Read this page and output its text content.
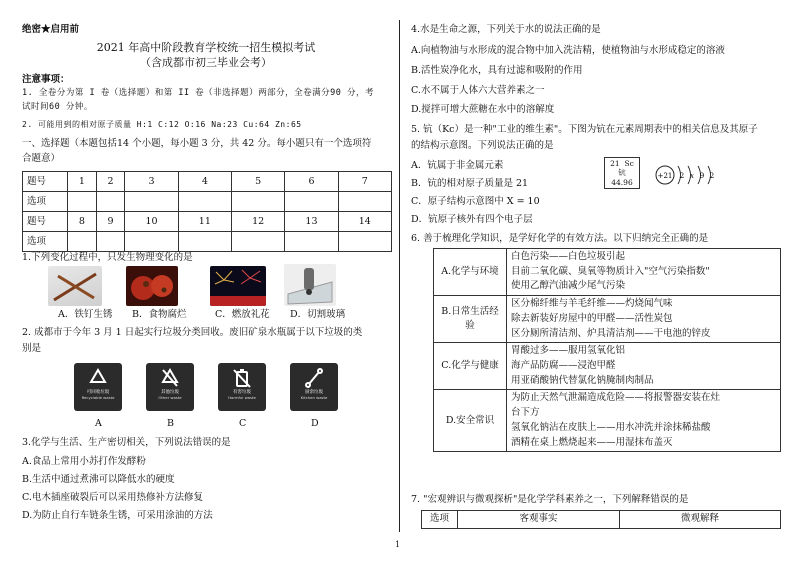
绝密★启用前
2021 年高中阶段教育学校统一招生模拟考试
（含成都市初三毕业会考）
注意事项：
1. 全卷分为第 I 卷（选择题）和第 II 卷（非选择题）两部分，全卷满分90 分，考
试时间60 分钟。
2. 可能用到的相对原子质量 H:1 C:12 O:16 Na:23 Cu:64 Zn:65
一、选择题（本题包括14 个小题，每小题 3 分，共 42 分。每小题只有一个选项符
合题意）
题号	1	2	3	4	5	6	7
选项							
题号	8	9	10	11	12	13	14
选项							
1.下列变化过程中，只发生物理变化的是
A．铁钉生锈 B．食物腐烂	C．燃放礼花 D．切割玻璃
2. 成都市于今年 3 月 1 日起实行垃圾分类回收。废旧矿泉水瓶属于以下垃圾的类
别是
可回收垃圾
Recyclable waste
其他垃圾
Other waste
有害垃圾
Harmful waste
厨余垃圾
Kitchen waste
A	B	C	D
3.化学与生活、生产密切相关，下列说法错误的是
A.食品上常用小苏打作发酵粉
B.生活中通过煮沸可以降低水的硬度
C.电木插座破裂后可以采用热修补方法修复
D.为防止自行车链条生锈，可采用涂油的方法
4.水是生命之源，下列关于水的说法正确的是
A.向植物油与水形成的混合物中加入洗洁精，使植物油与水形成稳定的溶液
B.活性炭净化水，具有过滤和吸附的作用
C.水不属于人体六大营养素之一
D.搅拌可增大蔗糖在水中的溶解度
5. 钪（Kc）是一种"工业的维生素"。下图为钪在元素周期表中的相关信息及其原子
的结构示意图。下列说法正确的是
A．钪属于非金属元素
B．钪的相对原子质量是 21
C．原子结构示意图中 X = 10
D．钪原子核外有四个电子层
21 Sc
钪
44.96
+21 2 x 9 2
6. 善于梳理化学知识，是学好化学的有效方法。以下归纳完全正确的是
A.化学与环境	白色污染——白色垃圾引起
目前二氧化碳、臭氧等物质计入"空气污染指数"
使用乙醇汽油减少尾气污染

B.日常生活经验	区分棉纤维与羊毛纤维——灼烧闻气味
除去新装好房屋中的甲醛——活性炭包
区分厕所清洁剂、炉具清洁剂——干电池的锌皮

C.化学与健康	胃酸过多——服用氢氧化铝
海产品防腐——浸泡甲醛
用亚硝酸钠代替氯化钠腌制肉制品

D.安全常识	为防止天然气泄漏造成危险——将报警器安装在灶
台下方
氢氧化钠沾在皮肤上——用水冲洗并涂抹稀盐酸
酒精在桌上燃烧起来——用湿抹布盖灭
7. "宏观辨识与微观探析"是化学学科素养之一，下列解释错误的是
选项	客观事实	微观解释
1
